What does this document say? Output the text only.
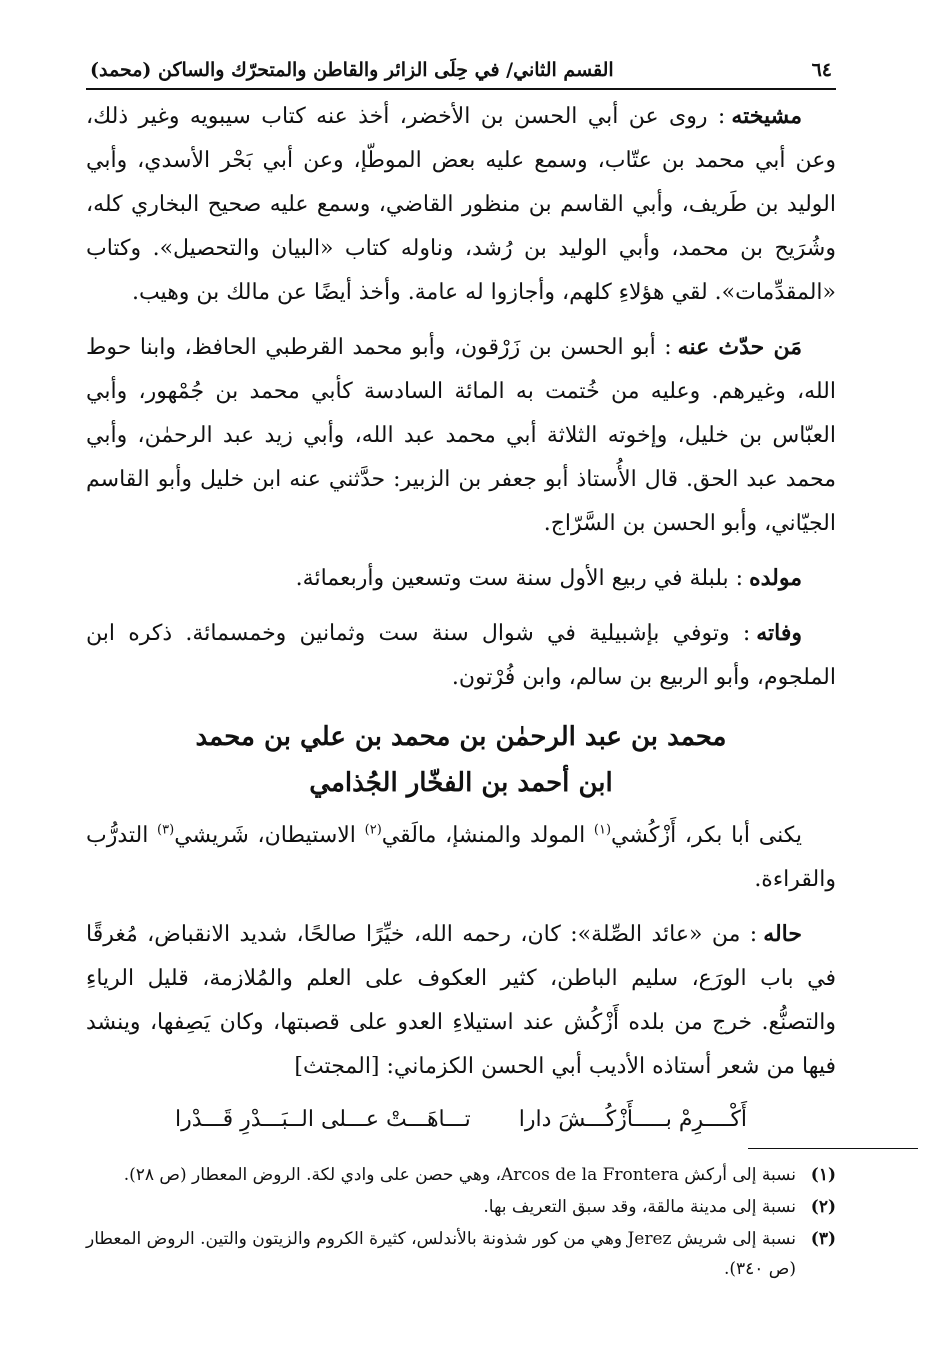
٦٤
القسم الثاني/ في حِلَى الزائر والقاطن والمتحرّك والساكن (محمد)

مشيخته: روى عن أبي الحسن بن الأخضر، أخذ عنه كتاب سيبويه وغير ذلك، وعن أبي محمد بن عتّاب، وسمع عليه بعض الموطّإ، وعن أبي بَحْر الأسدي، وأبي الوليد بن طَريف، وأبي القاسم بن منظور القاضي، وسمع عليه صحيح البخاري كله، وشُرَيح بن محمد، وأبي الوليد بن رُشد، وناوله كتاب «البيان والتحصيل». وكتاب «المقدِّمات». لقي هؤلاءِ كلهم، وأجازوا له عامة. وأخذ أيضًا عن مالك بن وهيب.

مَن حدّث عنه: أبو الحسن بن زَرْقون، وأبو محمد القرطبي الحافظ، وابنا حوط الله، وغيرهم. وعليه من خُتمت به المائة السادسة كأبي محمد بن جُمْهور، وأبي العبّاس بن خليل، وإخوته الثلاثة أبي محمد عبد الله، وأبي زيد عبد الرحمٰن، وأبي محمد عبد الحق. قال الأُستاذ أبو جعفر بن الزبير: حدَّثني عنه ابن خليل وأبو القاسم الجيّاني، وأبو الحسن بن السَّرّاج.

مولده: بلبلة في ربيع الأول سنة ست وتسعين وأربعمائة.

وفاته: وتوفي بإشبيلية في شوال سنة ست وثمانين وخمسمائة. ذكره ابن الملجوم، وأبو الربيع بن سالم، وابن فُرْتون.

محمد بن عبد الرحمٰن بن محمد بن علي بن محمد
ابن أحمد بن الفخّار الجُذامي

يكنى أبا بكر، أَزْكُشي$^{(١)}$ المولد والمنشإ، مالَقي$^{(٢)}$ الاستيطان، شَريشي$^{(٣)}$ التدرُّب والقراءة.

حاله: من «عائد الصِّلة»: كان، رحمه الله، خيِّرًا صالحًا، شديد الانقباض، مُغرقًا في باب الورَع، سليم الباطن، كثير العكوف على العلم والمُلازمة، قليل الرياءِ والتصنُّع. خرج من بلده أَزْكُش عند استيلاءِ العدو على قصبتها، وكان يَصِفها، وينشد فيها من شعر أستاذه الأديب أبي الحسن الكزماني: [المجتث]

أَكْــــرِمْ بـــــأَزْكُـــشَ دارا
تـــاهَـــتْ عـــلى الــبَـــدْرِ قَـــدْرا
(١)
نسبة إلى أركش Arcos de la Frontera، وهي حصن على وادي لكة. الروض المعطار (ص ٢٨).
(٢)
نسبة إلى مدينة مالقة، وقد سبق التعريف بها.
(٣)
نسبة إلى شريش Jerez وهي من كور شذونة بالأندلس، كثيرة الكروم والزيتون والتين. الروض المعطار (ص ٣٤٠).
